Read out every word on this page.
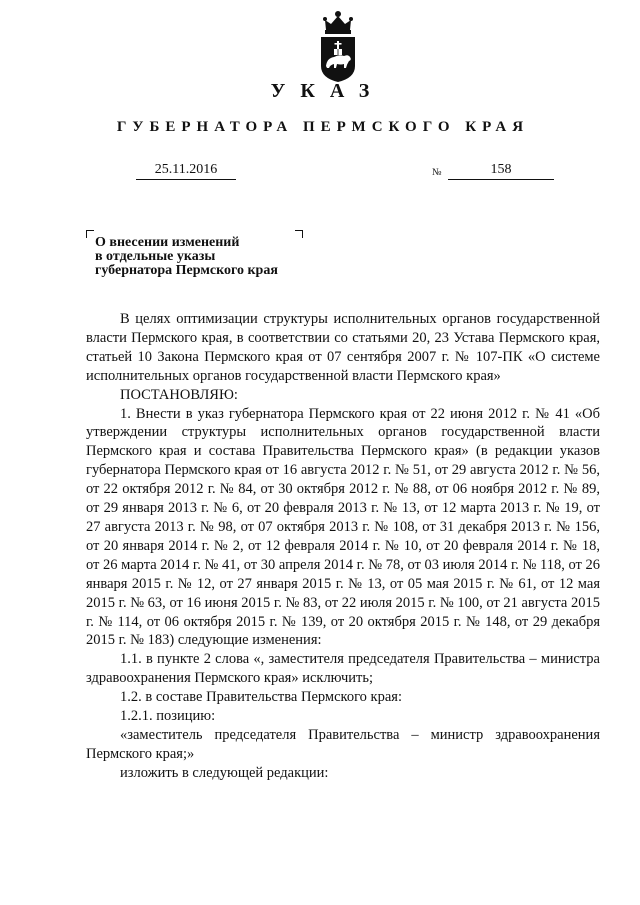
УКАЗ
ГУБЕРНАТОРА ПЕРМСКОГО КРАЯ
25.11.2016	№	158
О внесении изменений
в отдельные указы
губернатора Пермского края

В целях оптимизации структуры исполнительных органов государственной власти Пермского края, в соответствии со статьями 20, 23 Устава Пермского края, статьей 10 Закона Пермского края от 07 сентября 2007 г. № 107-ПК «О системе исполнительных органов государственной власти Пермского края»

ПОСТАНОВЛЯЮ:

1. Внести в указ губернатора Пермского края от 22 июня 2012 г. № 41 «Об утверждении структуры исполнительных органов государственной власти Пермского края и состава Правительства Пермского края» (в редакции указов губернатора Пермского края от 16 августа 2012 г. № 51, от 29 августа 2012 г. № 56, от 22 октября 2012 г. № 84, от 30 октября 2012 г. № 88, от 06 ноября 2012 г. № 89, от 29 января 2013 г. № 6, от 20 февраля 2013 г. № 13, от 12 марта 2013 г. № 19, от 27 августа 2013 г. № 98, от 07 октября 2013 г. № 108, от 31 декабря 2013 г. № 156, от 20 января 2014 г. № 2, от 12 февраля 2014 г. № 10, от 20 февраля 2014 г. № 18, от 26 марта 2014 г. № 41, от 30 апреля 2014 г. № 78, от 03 июля 2014 г. № 118, от 26 января 2015 г. № 12, от 27 января 2015 г. № 13, от 05 мая 2015 г. № 61, от 12 мая 2015 г. № 63, от 16 июня 2015 г. № 83, от 22 июля 2015 г. № 100, от 21 августа 2015 г. № 114, от 06 октября 2015 г. № 139, от 20 октября 2015 г. № 148, от 29 декабря 2015 г. № 183) следующие изменения:

1.1. в пункте 2 слова «, заместителя председателя Правительства – министра здравоохранения Пермского края» исключить;

1.2. в составе Правительства Пермского края:

1.2.1. позицию:

«заместитель председателя Правительства – министр здравоохранения Пермского края;»

изложить в следующей редакции:
